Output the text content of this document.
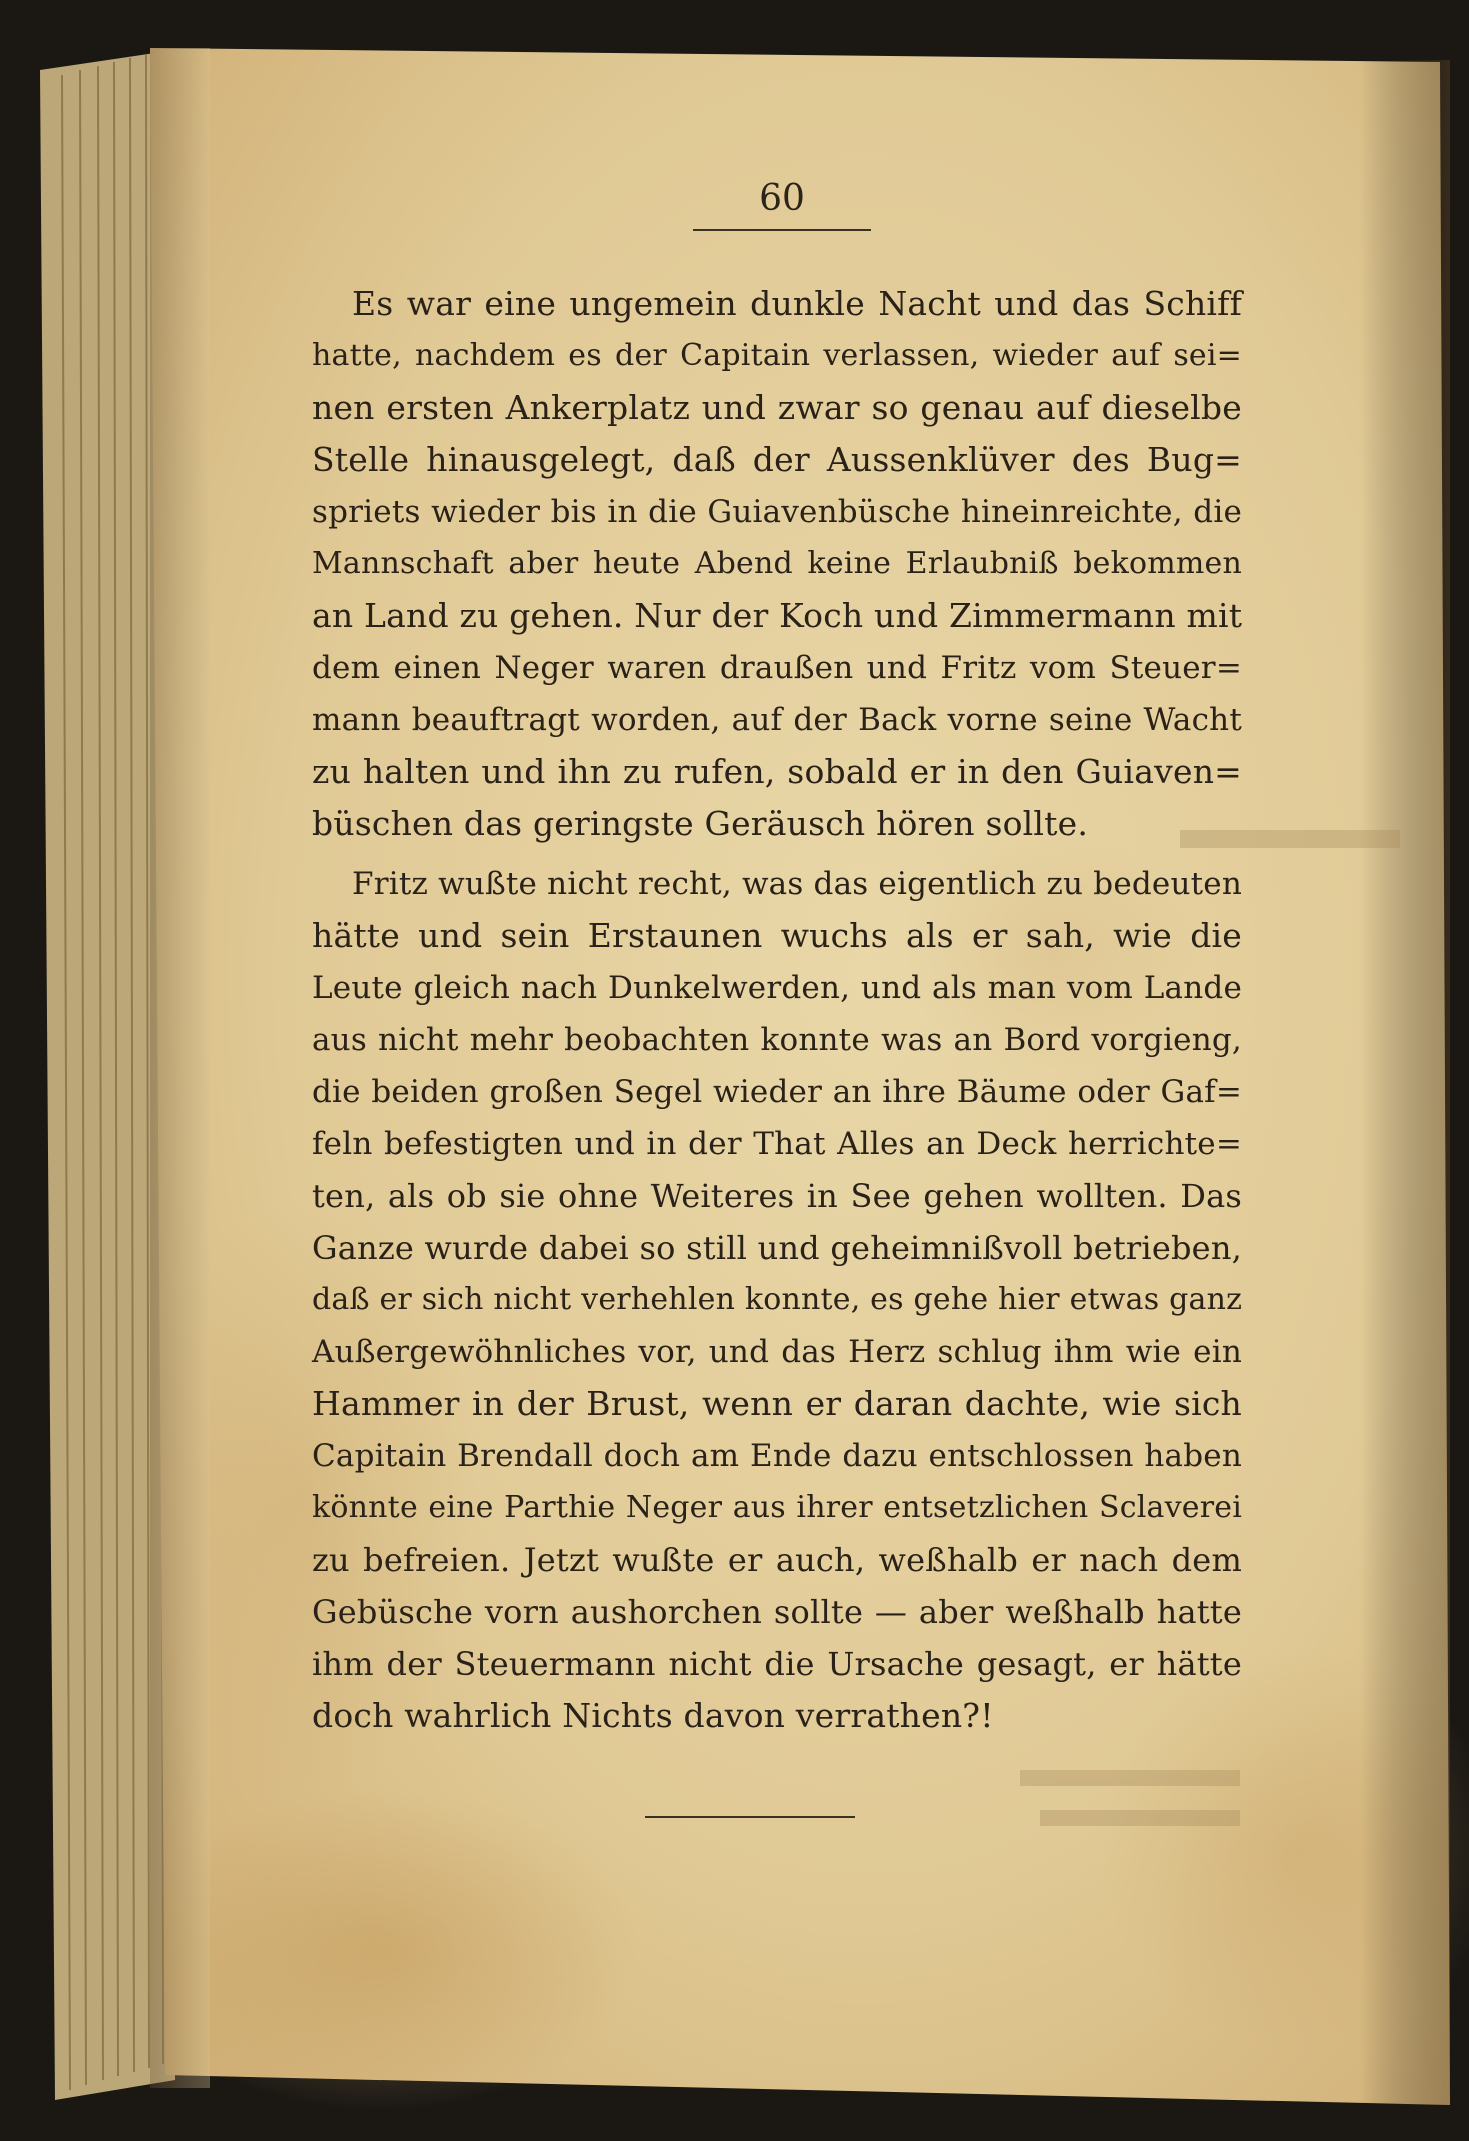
60
Es war eine ungemein dunkle Nacht und das Schiff
hatte, nachdem es der Capitain verlassen, wieder auf sei=
nen ersten Ankerplatz und zwar so genau auf dieselbe
Stelle hinausgelegt, daß der Aussenklüver des Bug=
spriets wieder bis in die Guiavenbüsche hineinreichte, die
Mannschaft aber heute Abend keine Erlaubniß bekommen
an Land zu gehen. Nur der Koch und Zimmermann mit
dem einen Neger waren draußen und Fritz vom Steuer=
mann beauftragt worden, auf der Back vorne seine Wacht
zu halten und ihn zu rufen, sobald er in den Guiaven=
büschen das geringste Geräusch hören sollte.
Fritz wußte nicht recht, was das eigentlich zu bedeuten
hätte und sein Erstaunen wuchs als er sah, wie die
Leute gleich nach Dunkelwerden, und als man vom Lande
aus nicht mehr beobachten konnte was an Bord vorgieng,
die beiden großen Segel wieder an ihre Bäume oder Gaf=
feln befestigten und in der That Alles an Deck herrichte=
ten, als ob sie ohne Weiteres in See gehen wollten. Das
Ganze wurde dabei so still und geheimnißvoll betrieben,
daß er sich nicht verhehlen konnte, es gehe hier etwas ganz
Außergewöhnliches vor, und das Herz schlug ihm wie ein
Hammer in der Brust, wenn er daran dachte, wie sich
Capitain Brendall doch am Ende dazu entschlossen haben
könnte eine Parthie Neger aus ihrer entsetzlichen Sclaverei
zu befreien. Jetzt wußte er auch, weßhalb er nach dem
Gebüsche vorn aushorchen sollte — aber weßhalb hatte
ihm der Steuermann nicht die Ursache gesagt, er hätte
doch wahrlich Nichts davon verrathen?!
